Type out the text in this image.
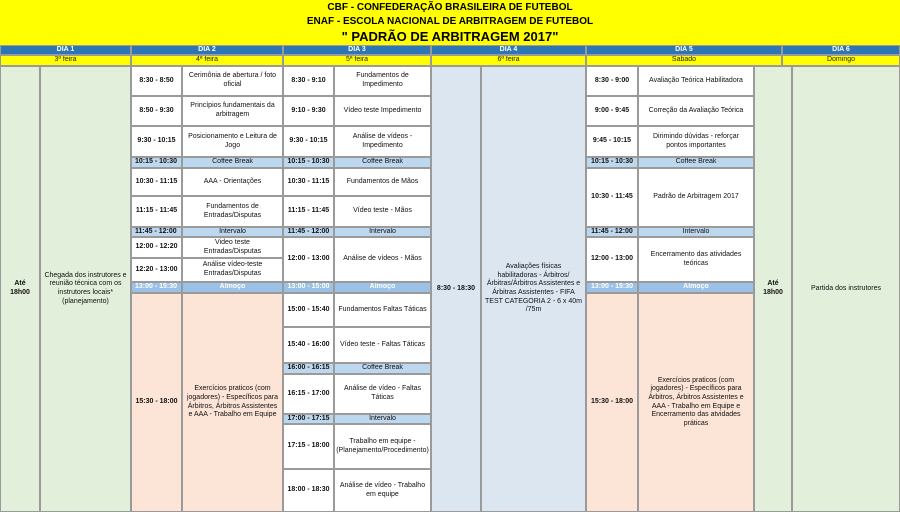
CBF - CONFEDERAÇÃO BRASILEIRA DE FUTEBOL
ENAF - ESCOLA NACIONAL DE ARBITRAGEM DE FUTEBOL
" PADRÃO DE ARBITRAGEM 2017"
DIA 1
3ª feira
DIA 2
4ª feira
DIA 3
5ª feira
DIA 4
6ª feira
DIA 5
Sabado
DIA 6
Domingo
Até 18h00
Chegada dos instrutores e reunião técnica com os instrutores locais* (planejamento)
8:30 - 8:50
Cerimônia de abertura / foto oficial
8:50 - 9:30
Princípios fundamentais da arbitragem
9:30 - 10:15
Posicionamento e Leitura de Jogo
10:15 - 10:30	Coffee Break
10:30 - 11:15	AAA - Orientações
11:15 - 11:45
Fundamentos de Entradas/Disputas
11:45 - 12:00	Intervalo
12:00 - 12:20
Video teste Entradas/Disputas
12:20 - 13:00
Análise vídeo-teste Entradas/Disputas
13:00 - 15:30	Almoço
15:30 - 18:00
Exercícios praticos (com jogadores) - Específicos para Árbitros, Árbitros Assistentes e AAA - Trabalho em Equipe
8:30 - 9:10
Fundamentos de Impedimento
9:10 - 9:30	Vídeo teste Impedimento
9:30 - 10:15
Análise de vídeos - Impedimento
10:15 - 10:30	Coffee Break
10:30 - 11:15	Fundamentos de Mãos
11:15 - 11:45	Vídeo teste - Mãos
11:45 - 12:00	Intervalo
12:00 - 13:00	Análise de vídeos - Mãos
13:00 - 15:00	Almoço
15:00 - 15:40	Fundamentos Faltas Táticas
15:40 - 16:00	Vídeo teste - Faltas Táticas
16:00 - 16:15	Coffee Break
16:15 - 17:00
Análise de vídeo - Faltas Táticas
17:00 - 17:15	Intervalo
17:15 - 18:00
Trabalho em equipe - (Planejamento/Procedimento)
18:00 - 18:30
Análise de vídeo - Trabalho em equipe
8:30 - 18:30
Avaliações físicas habilitadoras - Árbitros/Árbitras/Árbitros Assistentes e Árbitras Assistentes - FIFA TEST CATEGORIA 2 - 6 x 40m /75m
8:30 - 9:00	Avaliação Teórica Habilitadora
9:00 - 9:45	Correção da Avaliação Teórica
9:45 - 10:15
Dirimindo dúvidas - reforçar pontos importantes
10:15 - 10:30	Coffee Break
10:30 - 11:45	Padrão de Arbitragem 2017
11:45 - 12:00	Intervalo
12:00 - 13:00
Encerramento das atividades teóricas
13:00 - 15:30	Almoço
15:30 - 18:00
Exercícios praticos (com jogadores) - Específicos para Árbitros, Árbitros Assistentes e AAA - Trabalho em Equipe e Encerramento das atvidades práticas
Até 18h00
Partida dos instrutores
